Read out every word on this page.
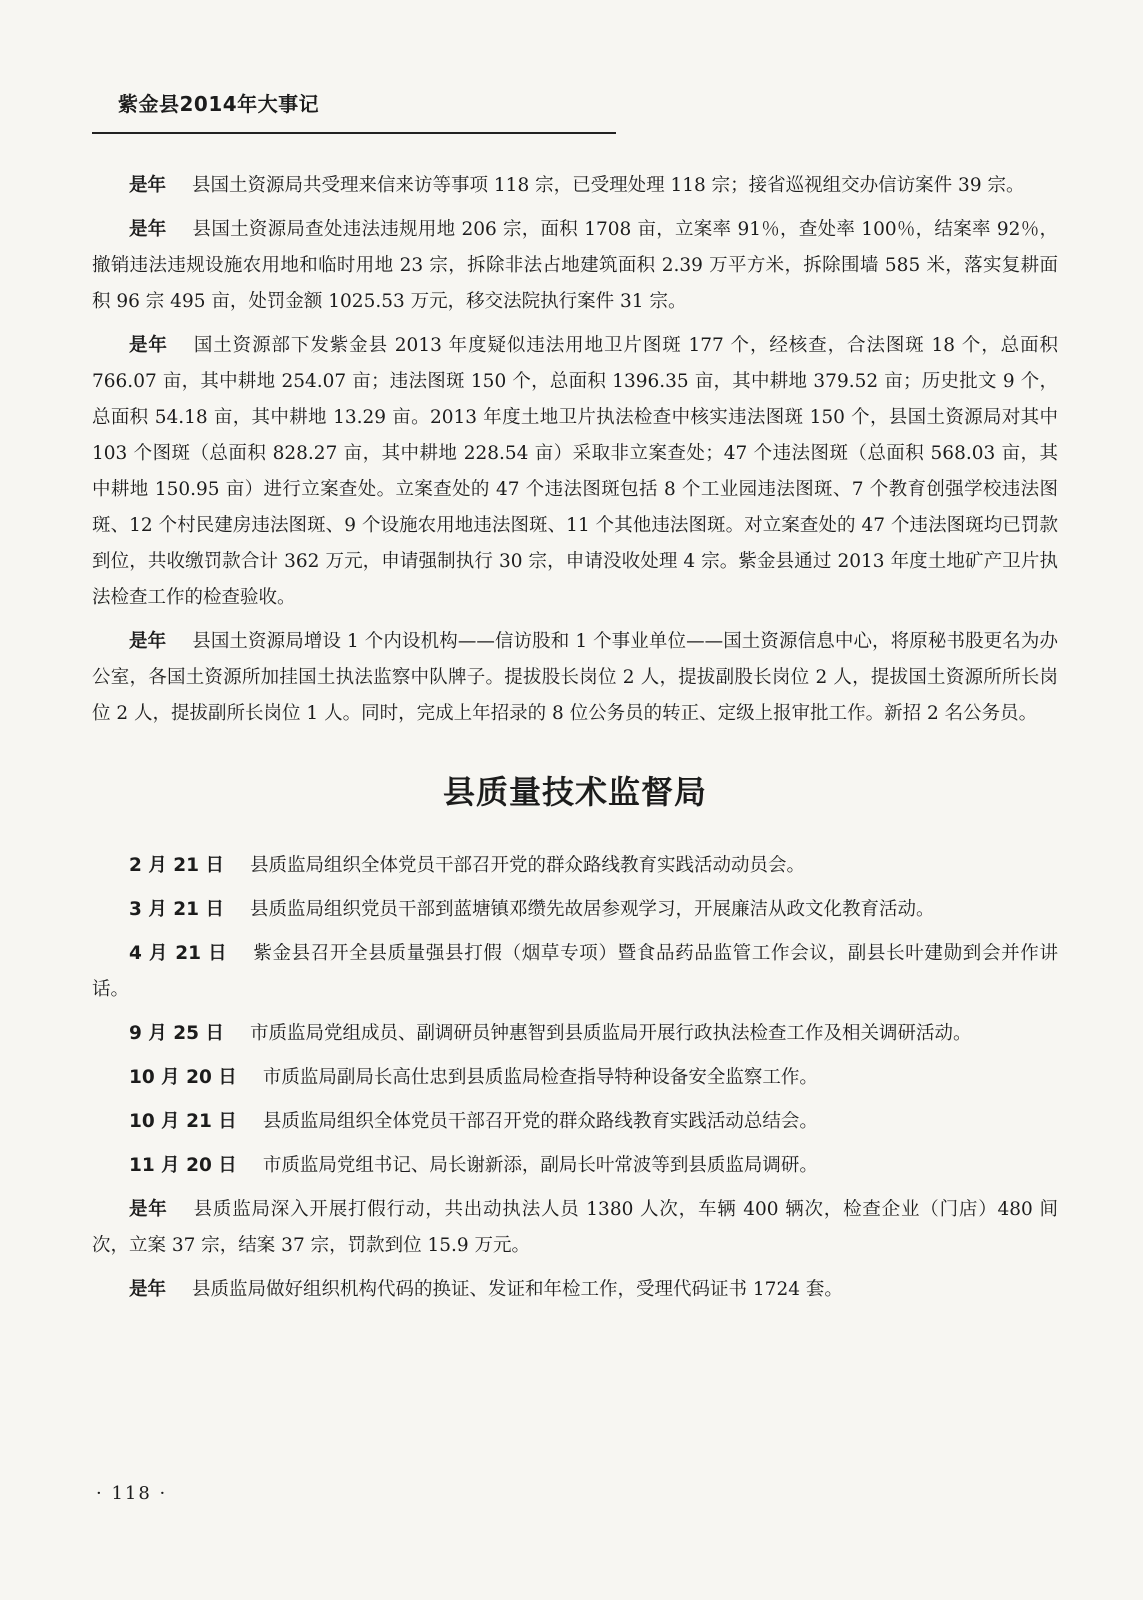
紫金县2014年大事记

是年 县国土资源局共受理来信来访等事项 118 宗，已受理处理 118 宗；接省巡视组交办信访案件 39 宗。

是年 县国土资源局查处违法违规用地 206 宗，面积 1708 亩，立案率 91％，查处率 100％，结案率 92％，撤销违法违规设施农用地和临时用地 23 宗，拆除非法占地建筑面积 2.39 万平方米，拆除围墙 585 米，落实复耕面积 96 宗 495 亩，处罚金额 1025.53 万元，移交法院执行案件 31 宗。

是年 国土资源部下发紫金县 2013 年度疑似违法用地卫片图斑 177 个，经核查，合法图斑 18 个，总面积 766.07 亩，其中耕地 254.07 亩；违法图斑 150 个，总面积 1396.35 亩，其中耕地 379.52 亩；历史批文 9 个，总面积 54.18 亩，其中耕地 13.29 亩。2013 年度土地卫片执法检查中核实违法图斑 150 个，县国土资源局对其中 103 个图斑（总面积 828.27 亩，其中耕地 228.54 亩）采取非立案查处；47 个违法图斑（总面积 568.03 亩，其中耕地 150.95 亩）进行立案查处。立案查处的 47 个违法图斑包括 8 个工业园违法图斑、7 个教育创强学校违法图斑、12 个村民建房违法图斑、9 个设施农用地违法图斑、11 个其他违法图斑。对立案查处的 47 个违法图斑均已罚款到位，共收缴罚款合计 362 万元，申请强制执行 30 宗，申请没收处理 4 宗。紫金县通过 2013 年度土地矿产卫片执法检查工作的检查验收。

是年 县国土资源局增设 1 个内设机构——信访股和 1 个事业单位——国土资源信息中心，将原秘书股更名为办公室，各国土资源所加挂国土执法监察中队牌子。提拔股长岗位 2 人，提拔副股长岗位 2 人，提拔国土资源所所长岗位 2 人，提拔副所长岗位 1 人。同时，完成上年招录的 8 位公务员的转正、定级上报审批工作。新招 2 名公务员。

县质量技术监督局

2 月 21 日 县质监局组织全体党员干部召开党的群众路线教育实践活动动员会。

3 月 21 日 县质监局组织党员干部到蓝塘镇邓缵先故居参观学习，开展廉洁从政文化教育活动。

4 月 21 日 紫金县召开全县质量强县打假（烟草专项）暨食品药品监管工作会议，副县长叶建勋到会并作讲话。

9 月 25 日 市质监局党组成员、副调研员钟惠智到县质监局开展行政执法检查工作及相关调研活动。

10 月 20 日 市质监局副局长高仕忠到县质监局检查指导特种设备安全监察工作。

10 月 21 日 县质监局组织全体党员干部召开党的群众路线教育实践活动总结会。

11 月 20 日 市质监局党组书记、局长谢新添，副局长叶常波等到县质监局调研。

是年 县质监局深入开展打假行动，共出动执法人员 1380 人次，车辆 400 辆次，检查企业（门店）480 间次，立案 37 宗，结案 37 宗，罚款到位 15.9 万元。

是年 县质监局做好组织机构代码的换证、发证和年检工作，受理代码证书 1724 套。

· 118 ·
